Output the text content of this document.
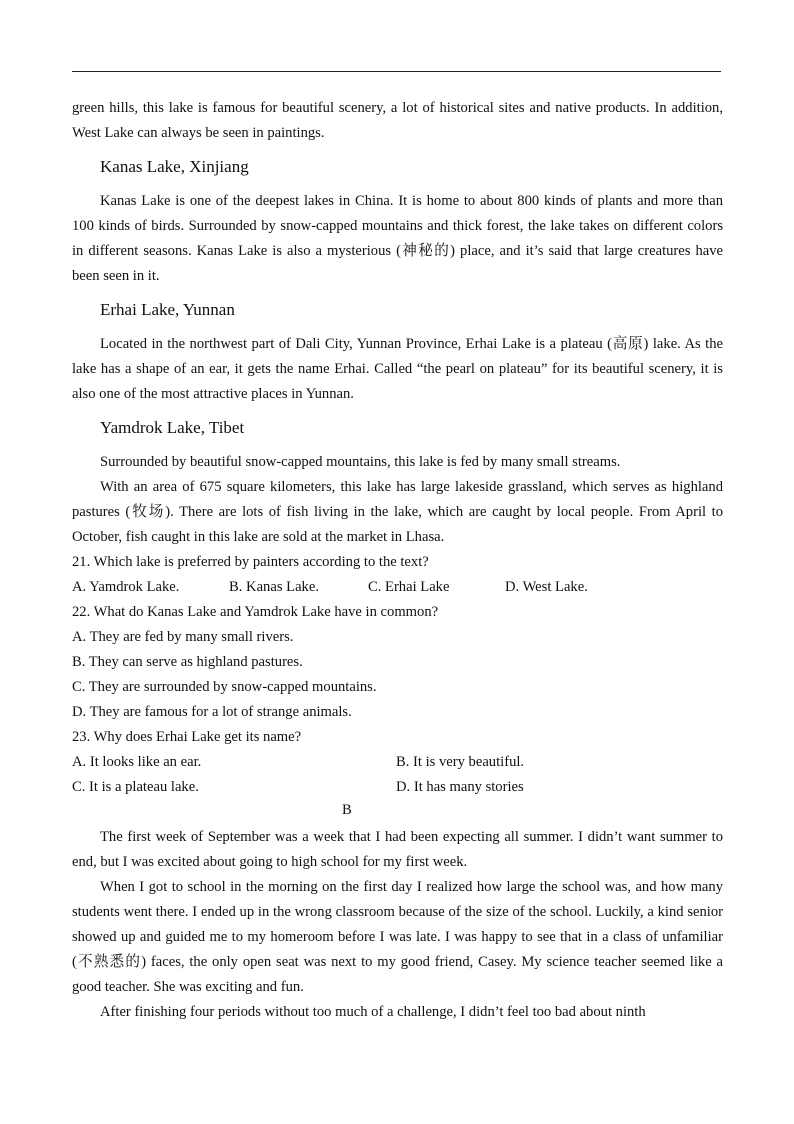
green hills, this lake is famous for beautiful scenery, a lot of historical sites and native products. In addition, West Lake can always be seen in paintings.

Kanas Lake, Xinjiang

Kanas Lake is one of the deepest lakes in China. It is home to about 800 kinds of plants and more than 100 kinds of birds. Surrounded by snow-capped mountains and thick forest, the lake takes on different colors in different seasons. Kanas Lake is also a mysterious (神秘的) place, and it’s said that large creatures have been seen in it.

Erhai Lake, Yunnan

Located in the northwest part of Dali City, Yunnan Province, Erhai Lake is a plateau (高原) lake. As the lake has a shape of an ear, it gets the name Erhai. Called “the pearl on plateau” for its beautiful scenery, it is also one of the most attractive places in Yunnan.

Yamdrok Lake, Tibet

Surrounded by beautiful snow-capped mountains, this lake is fed by many small streams.

With an area of 675 square kilometers, this lake has large lakeside grassland, which serves as highland pastures (牧场). There are lots of fish living in the lake, which are caught by local people. From April to October, fish caught in this lake are sold at the market in Lhasa.

21. Which lake is preferred by painters according to the text?

A. Yamdrok Lake.	B. Kanas Lake.	C. Erhai Lake	D. West Lake.

22. What do Kanas Lake and Yamdrok Lake have in common?

A. They are fed by many small rivers.

B. They can serve as highland pastures.

C. They are surrounded by snow-capped mountains.

D. They are famous for a lot of strange animals.

23. Why does Erhai Lake get its name?

A. It looks like an ear.	B. It is very beautiful.
C. It is a plateau lake.	D. It has many stories

B

The first week of September was a week that I had been expecting all summer. I didn’t want summer to end, but I was excited about going to high school for my first week.

When I got to school in the morning on the first day I realized how large the school was, and how many students went there. I ended up in the wrong classroom because of the size of the school. Luckily, a kind senior showed up and guided me to my homeroom before I was late. I was happy to see that in a class of unfamiliar (不熟悉的) faces, the only open seat was next to my good friend, Casey. My science teacher seemed like a good teacher. She was exciting and fun.

After finishing four periods without too much of a challenge, I didn’t feel too bad about ninth
